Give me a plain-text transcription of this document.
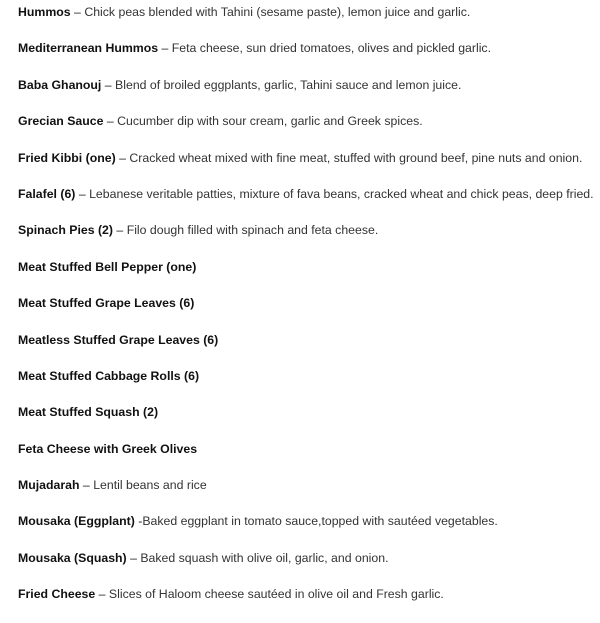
Hummos – Chick peas blended with Tahini (sesame paste), lemon juice and garlic.
Mediterranean Hummos – Feta cheese, sun dried tomatoes, olives and pickled garlic.
Baba Ghanouj – Blend of broiled eggplants, garlic, Tahini sauce and lemon juice.
Grecian Sauce – Cucumber dip with sour cream, garlic and Greek spices.
Fried Kibbi (one) – Cracked wheat mixed with fine meat, stuffed with ground beef, pine nuts and onion.
Falafel (6) – Lebanese veritable patties, mixture of fava beans, cracked wheat and chick peas, deep fried.
Spinach Pies (2) – Filo dough filled with spinach and feta cheese.
Meat Stuffed Bell Pepper (one)
Meat Stuffed Grape Leaves (6)
Meatless Stuffed Grape Leaves (6)
Meat Stuffed Cabbage Rolls (6)
Meat Stuffed Squash (2)
Feta Cheese with Greek Olives
Mujadarah – Lentil beans and rice
Mousaka (Eggplant) -Baked eggplant in tomato sauce,topped with sautéed vegetables.
Mousaka (Squash) – Baked squash with olive oil, garlic, and onion.
Fried Cheese – Slices of Haloom cheese sautéed in olive oil and Fresh garlic.
